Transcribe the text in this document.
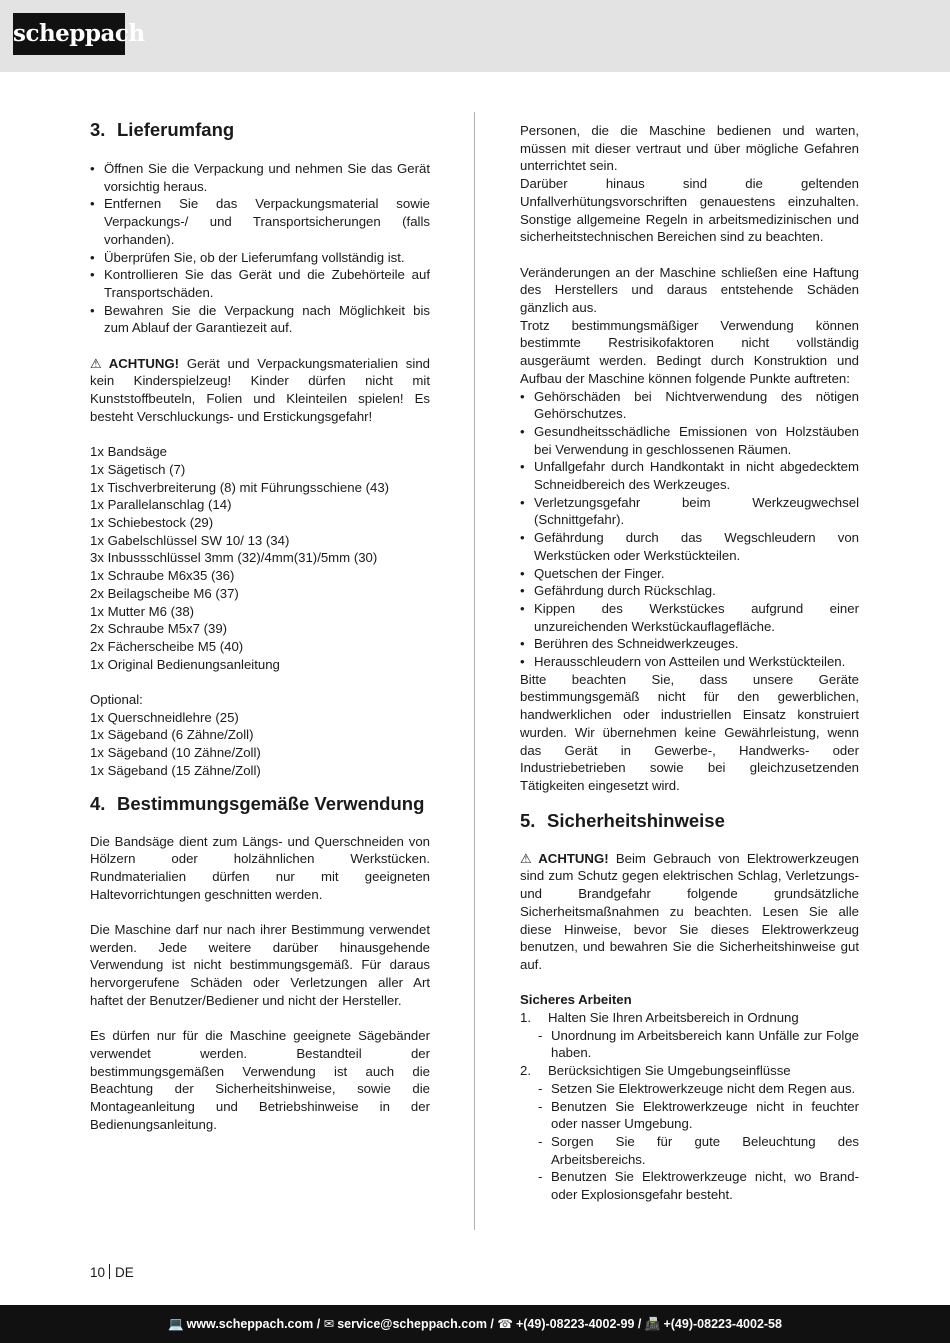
scheppach
3. Lieferumfang
• Öffnen Sie die Verpackung und nehmen Sie das Gerät vorsichtig heraus.
• Entfernen Sie das Verpackungsmaterial sowie Verpackungs-/ und Transportsicherungen (falls vorhanden).
• Überprüfen Sie, ob der Lieferumfang vollständig ist.
• Kontrollieren Sie das Gerät und die Zubehörteile auf Transportschäden.
• Bewahren Sie die Verpackung nach Möglichkeit bis zum Ablauf der Garantiezeit auf.

⚠ ACHTUNG! Gerät und Verpackungsmaterialien sind kein Kinderspielzeug! Kinder dürfen nicht mit Kunststoffbeuteln, Folien und Kleinteilen spielen! Es besteht Verschluckungs- und Erstickungsgefahr!

1x Bandsäge
1x Sägetisch (7)
1x Tischverbreiterung (8) mit Führungsschiene (43)
1x Parallelanschlag (14)
1x Schiebestock (29)
1x Gabelschlüssel SW 10/ 13 (34)
3x Inbussschlüssel 3mm (32)/4mm(31)/5mm (30)
1x Schraube M6x35 (36)
2x Beilagscheibe M6 (37)
1x Mutter M6 (38)
2x Schraube M5x7 (39)
2x Fächerscheibe M5 (40)
1x Original Bedienungsanleitung
Optional:
1x Querschneidlehre (25)
1x Sägeband (6 Zähne/Zoll)
1x Sägeband (10 Zähne/Zoll)
1x Sägeband (15 Zähne/Zoll)
4. Bestimmungsgemäße Verwendung

Die Bandsäge dient zum Längs- und Querschneiden von Hölzern oder holzähnlichen Werkstücken. Rundmaterialien dürfen nur mit geeigneten Haltevorrichtungen geschnitten werden.

Die Maschine darf nur nach ihrer Bestimmung verwendet werden. Jede weitere darüber hinausgehende Verwendung ist nicht bestimmungsgemäß. Für daraus hervorgerufene Schäden oder Verletzungen aller Art haftet der Benutzer/Bediener und nicht der Hersteller.

Es dürfen nur für die Maschine geeignete Sägebänder verwendet werden. Bestandteil der bestimmungsgemäßen Verwendung ist auch die Beachtung der Sicherheitshinweise, sowie die Montageanleitung und Betriebshinweise in der Bedienungsanleitung.

Personen, die die Maschine bedienen und warten, müssen mit dieser vertraut und über mögliche Gefahren unterrichtet sein.

Darüber hinaus sind die geltenden Unfallverhütungsvorschriften genauestens einzuhalten. Sonstige allgemeine Regeln in arbeitsmedizinischen und sicherheitstechnischen Bereichen sind zu beachten.

Veränderungen an der Maschine schließen eine Haftung des Herstellers und daraus entstehende Schäden gänzlich aus.

Trotz bestimmungsmäßiger Verwendung können bestimmte Restrisikofaktoren nicht vollständig ausgeräumt werden. Bedingt durch Konstruktion und Aufbau der Maschine können folgende Punkte auftreten:

• Gehörschäden bei Nichtverwendung des nötigen Gehörschutzes.
• Gesundheitsschädliche Emissionen von Holzstäuben bei Verwendung in geschlossenen Räumen.
• Unfallgefahr durch Handkontakt in nicht abgedecktem Schneidbereich des Werkzeuges.
• Verletzungsgefahr beim Werkzeugwechsel (Schnittgefahr).
• Gefährdung durch das Wegschleudern von Werkstücken oder Werkstückteilen.
• Quetschen der Finger.
• Gefährdung durch Rückschlag.
• Kippen des Werkstückes aufgrund einer unzureichenden Werkstückauflagefläche.
• Berühren des Schneidwerkzeuges.
• Herausschleudern von Astteilen und Werkstückteilen.

Bitte beachten Sie, dass unsere Geräte bestimmungsgemäß nicht für den gewerblichen, handwerklichen oder industriellen Einsatz konstruiert wurden. Wir übernehmen keine Gewährleistung, wenn das Gerät in Gewerbe-, Handwerks- oder Industriebetrieben sowie bei gleichzusetzenden Tätigkeiten eingesetzt wird.

5. Sicherheitshinweise

⚠ ACHTUNG! Beim Gebrauch von Elektrowerkzeugen sind zum Schutz gegen elektrischen Schlag, Verletzungs- und Brandgefahr folgende grundsätzliche Sicherheitsmaßnahmen zu beachten. Lesen Sie alle diese Hinweise, bevor Sie dieses Elektrowerkzeug benutzen, und bewahren Sie die Sicherheitshinweise gut auf.

Sicheres Arbeiten
1. Halten Sie Ihren Arbeitsbereich in Ordnung
- Unordnung im Arbeitsbereich kann Unfälle zur Folge haben.
2. Berücksichtigen Sie Umgebungseinflüsse
- Setzen Sie Elektrowerkzeuge nicht dem Regen aus.
- Benutzen Sie Elektrowerkzeuge nicht in feuchter oder nasser Umgebung.
- Sorgen Sie für gute Beleuchtung des Arbeitsbereichs.
- Benutzen Sie Elektrowerkzeuge nicht, wo Brand- oder Explosionsgefahr besteht.
10 DE
💻 www.scheppach.com / ✉ service@scheppach.com / ☎ +(49)-08223-4002-99 / 📠 +(49)-08223-4002-58
